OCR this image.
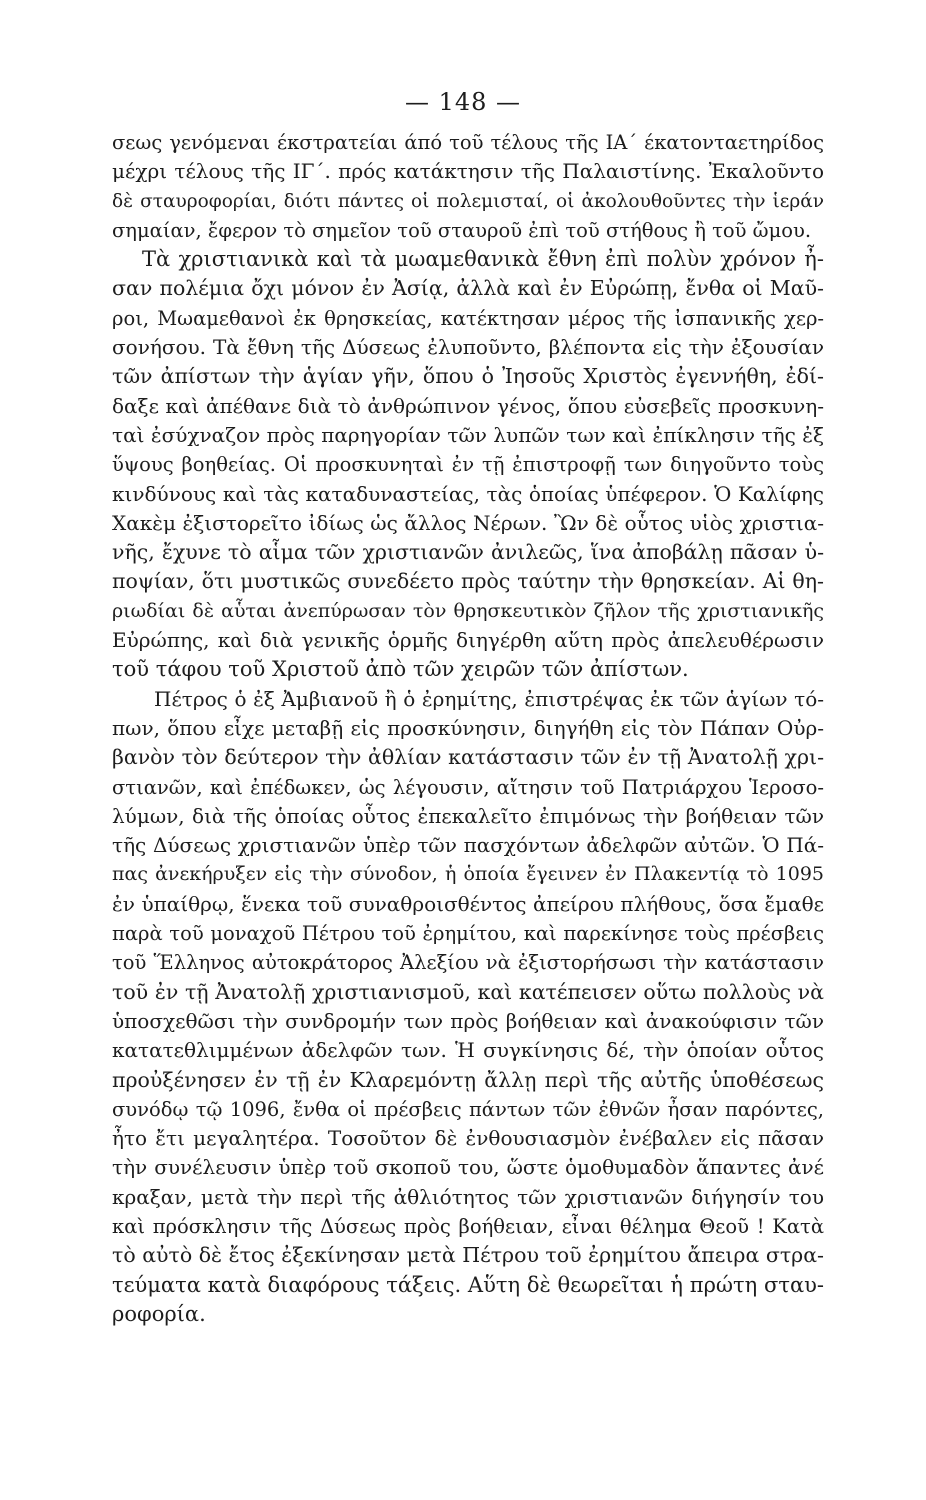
— 148 —
σεως γενόμεναι έκστρατείαι άπό τοῦ τέλους τῆς ΙΑ΄ έκατονταετηρίδος
μέχρι τέλους τῆς ΙΓ΄. πρός κατάκτησιν τῆς Παλαιστίνης. Ἐκαλοῦντο
δὲ σταυροφορίαι, διότι πάντες οἱ πολεμισταί, οἱ ἀκολουθοῦντες τὴν ἱεράν
σημαίαν, ἔφερον τὸ σημεῖον τοῦ σταυροῦ ἐπὶ τοῦ στήθους ἢ τοῦ ὤμου.
Τὰ χριστιανικὰ καὶ τὰ μωαμεθανικὰ ἔθνη ἐπὶ πολὺν χρόνον ἦ-
σαν πολέμια ὄχι μόνον ἐν Ἀσίᾳ, ἀλλὰ καὶ ἐν Εὐρώπῃ, ἔνθα οἱ Μαῦ-
ροι, Μωαμεθανοὶ ἐκ θρησκείας, κατέκτησαν μέρος τῆς ἰσπανικῆς χερ-
σονήσου. Τὰ ἔθνη τῆς Δύσεως ἐλυποῦντο, βλέποντα εἰς τὴν ἐξουσίαν
τῶν ἀπίστων τὴν ἁγίαν γῆν, ὅπου ὁ Ἰησοῦς Χριστὸς ἐγεννήθη, ἐδί-
δαξε καὶ ἀπέθανε διὰ τὸ ἀνθρώπινον γένος, ὅπου εὐσεβεῖς προσκυνη-
ταὶ ἐσύχναζον πρὸς παρηγορίαν τῶν λυπῶν των καὶ ἐπίκλησιν τῆς ἐξ
ὕψους βοηθείας. Οἱ προσκυνηταὶ ἐν τῇ ἐπιστροφῇ των διηγοῦντο τοὺς
κινδύνους καὶ τὰς καταδυναστείας, τὰς ὁποίας ὑπέφερον. Ὁ Καλίφης
Χακὲμ ἐξιστορεῖτο ἰδίως ὡς ἄλλος Νέρων. Ὢν δὲ οὗτος υἱὸς χριστια-
νῆς, ἔχυνε τὸ αἷμα τῶν χριστιανῶν ἀνιλεῶς, ἵνα ἀποβάλῃ πᾶσαν ὑ-
ποψίαν, ὅτι μυστικῶς συνεδέετο πρὸς ταύτην τὴν θρησκείαν. Αἱ θη-
ριωδίαι δὲ αὗται ἀνεπύρωσαν τὸν θρησκευτικὸν ζῆλον τῆς χριστιανικῆς
Εὐρώπης, καὶ διὰ γενικῆς ὁρμῆς διηγέρθη αὕτη πρὸς ἀπελευθέρωσιν
τοῦ τάφου τοῦ Χριστοῦ ἀπὸ τῶν χειρῶν τῶν ἀπίστων.
Πέτρος ὁ ἐξ Ἀμβιανοῦ ἢ ὁ ἐρημίτης, ἐπιστρέψας ἐκ τῶν ἁγίων τό-
πων, ὅπου εἶχε μεταβῇ εἰς προσκύνησιν, διηγήθη εἰς τὸν Πάπαν Οὐρ-
βανὸν τὸν δεύτερον τὴν ἀθλίαν κατάστασιν τῶν ἐν τῇ Ἀνατολῇ χρι-
στιανῶν, καὶ ἐπέδωκεν, ὡς λέγουσιν, αἴτησιν τοῦ Πατριάρχου Ἱεροσο-
λύμων, διὰ τῆς ὁποίας οὗτος ἐπεκαλεῖτο ἐπιμόνως τὴν βοήθειαν τῶν
τῆς Δύσεως χριστιανῶν ὑπὲρ τῶν πασχόντων ἀδελφῶν αὐτῶν. Ὁ Πά-
πας ἀνεκήρυξεν εἰς τὴν σύνοδον, ἡ ὁποία ἔγεινεν ἐν Πλακεντίᾳ τὸ 1095
ἐν ὑπαίθρῳ, ἕνεκα τοῦ συναθροισθέντος ἀπείρου πλήθους, ὅσα ἔμαθε
παρὰ τοῦ μοναχοῦ Πέτρου τοῦ ἐρημίτου, καὶ παρεκίνησε τοὺς πρέσβεις
τοῦ Ἕλληνος αὐτοκράτορος Ἀλεξίου νὰ ἐξιστορήσωσι τὴν κατάστασιν
τοῦ ἐν τῇ Ἀνατολῇ χριστιανισμοῦ, καὶ κατέπεισεν οὕτω πολλοὺς νὰ
ὑποσχεθῶσι τὴν συνδρομήν των πρὸς βοήθειαν καὶ ἀνακούφισιν τῶν
κατατεθλιμμένων ἀδελφῶν των. Ἡ συγκίνησις δέ, τὴν ὁποίαν οὗτος
προὐξένησεν ἐν τῇ ἐν Κλαρεμόντῃ ἄλλῃ περὶ τῆς αὐτῆς ὑποθέσεως
συνόδῳ τῷ 1096, ἔνθα οἱ πρέσβεις πάντων τῶν ἐθνῶν ἦσαν παρόντες,
ἦτο ἔτι μεγαλητέρα. Τοσοῦτον δὲ ἐνθουσιασμὸν ἐνέβαλεν εἰς πᾶσαν
τὴν συνέλευσιν ὑπὲρ τοῦ σκοποῦ του, ὥστε ὁμοθυμαδὸν ἅπαντες ἀνέ
κραξαν, μετὰ τὴν περὶ τῆς ἀθλιότητος τῶν χριστιανῶν διήγησίν του
καὶ πρόσκλησιν τῆς Δύσεως πρὸς βοήθειαν, εἶναι θέλημα Θεοῦ ! Κατὰ
τὸ αὐτὸ δὲ ἔτος ἐξεκίνησαν μετὰ Πέτρου τοῦ ἐρημίτου ἄπειρα στρα-
τεύματα κατὰ διαφόρους τάξεις. Αὕτη δὲ θεωρεῖται ἡ πρώτη σταυ-
ροφορία.
